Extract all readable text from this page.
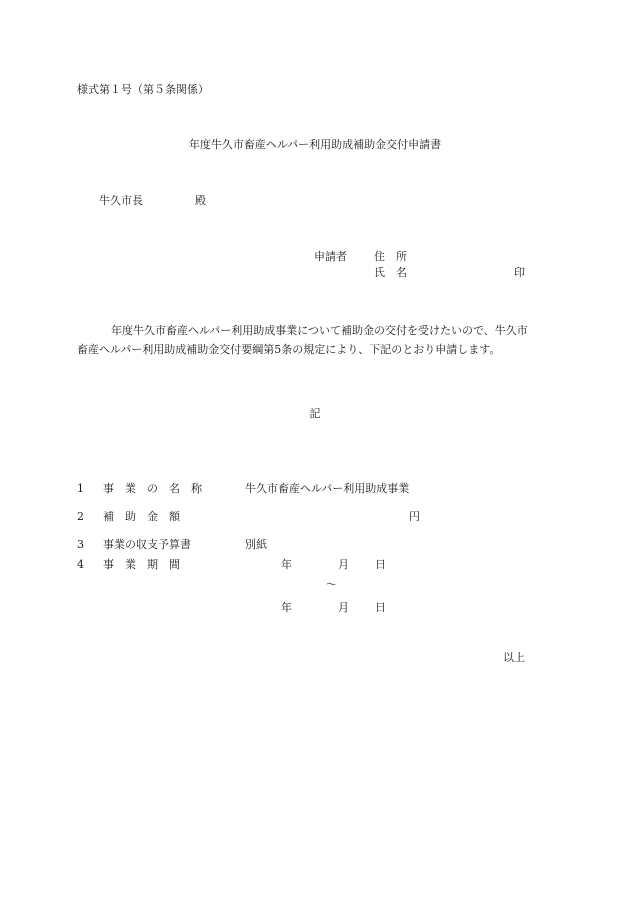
様式第１号（第５条関係）
年度牛久市畜産ヘルパー利用助成補助金交付申請書
牛久市長	殿
申請者 住　所
氏　名	印
年度牛久市畜産ヘルパー利用助成事業について補助金の交付を受けたいので、牛久市畜産ヘルパー利用助成補助金交付要綱第5条の規定により、下記のとおり申請します。
記
1 事　業　の　名　称	牛久市畜産ヘルパー利用助成事業
2 補　助　金　額	円
3 事業の収支予算書	別紙
4 事　業　期　間	年	月 日
～
年	月 日
以上
